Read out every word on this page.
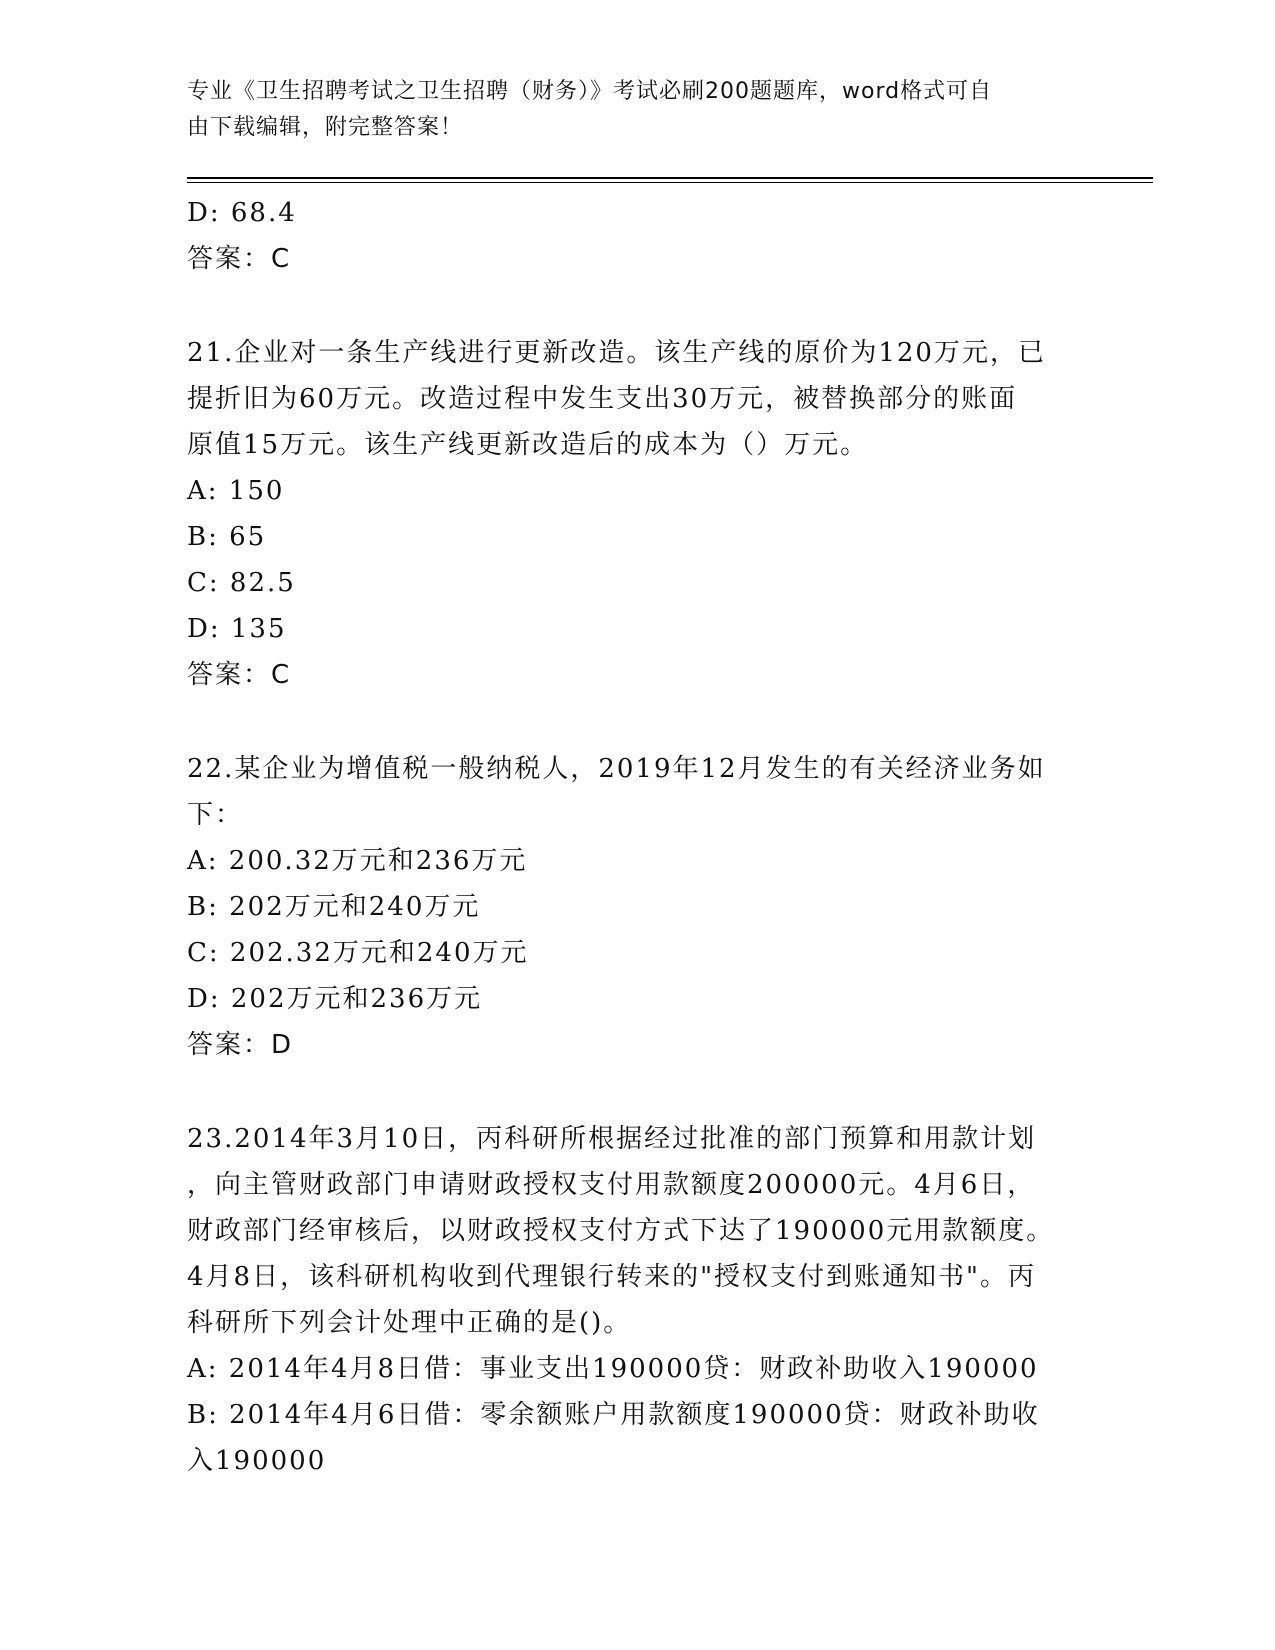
专业《卫生招聘考试之卫生招聘（财务）》考试必刷200题题库，word格式可自
由下载编辑，附完整答案！
D: 68.4
答案：C
21.企业对一条生产线进行更新改造。该生产线的原价为120万元，已
提折旧为60万元。改造过程中发生支出30万元，被替换部分的账面
原值15万元。该生产线更新改造后的成本为（）万元。
A: 150
B: 65
C: 82.5
D: 135
答案：C
22.某企业为增值税一般纳税人，2019年12月发生的有关经济业务如
下：
A: 200.32万元和236万元
B: 202万元和240万元
C: 202.32万元和240万元
D: 202万元和236万元
答案：D
23.2014年3月10日，丙科研所根据经过批准的部门预算和用款计划
，向主管财政部门申请财政授权支付用款额度200000元。4月6日，
财政部门经审核后，以财政授权支付方式下达了190000元用款额度。
4月8日，该科研机构收到代理银行转来的"授权支付到账通知书"。丙
科研所下列会计处理中正确的是()。
A: 2014年4月8日借：事业支出190000贷：财政补助收入190000
B: 2014年4月6日借：零余额账户用款额度190000贷：财政补助收
入190000
